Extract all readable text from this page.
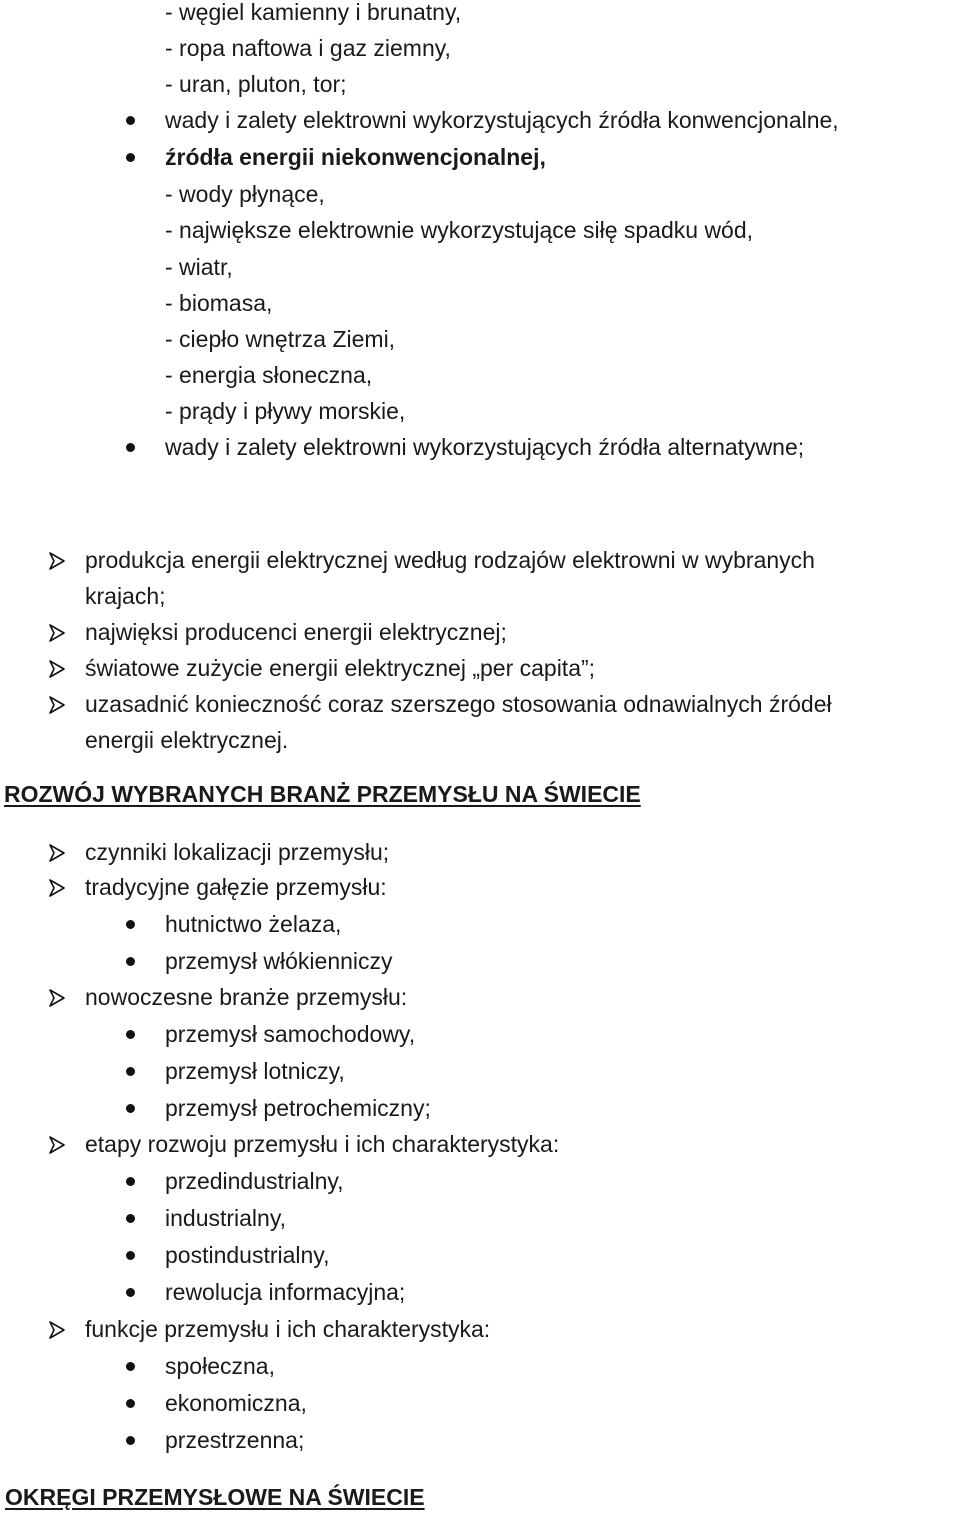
- węgiel kamienny i brunatny,
- ropa naftowa i gaz ziemny,
- uran, pluton, tor;
wady i zalety elektrowni wykorzystujących źródła konwencjonalne,
źródła energii niekonwencjonalnej,
- wody płynące,
- największe elektrownie wykorzystujące siłę spadku wód,
- wiatr,
- biomasa,
- ciepło wnętrza Ziemi,
- energia słoneczna,
- prądy i pływy morskie,
wady i zalety elektrowni wykorzystujących źródła alternatywne;
produkcja energii elektrycznej według rodzajów elektrowni w wybranych
krajach;
najwięksi producenci energii elektrycznej;
światowe zużycie energii elektrycznej „per capita”;
uzasadnić konieczność coraz szerszego stosowania odnawialnych źródeł
energii elektrycznej.
ROZWÓJ WYBRANYCH BRANŻ PRZEMYSŁU NA ŚWIECIE
czynniki lokalizacji przemysłu;
tradycyjne gałęzie przemysłu:
hutnictwo żelaza,
przemysł włókienniczy
nowoczesne branże przemysłu:
przemysł samochodowy,
przemysł lotniczy,
przemysł petrochemiczny;
etapy rozwoju przemysłu i ich charakterystyka:
przedindustrialny,
industrialny,
postindustrialny,
rewolucja informacyjna;
funkcje przemysłu i ich charakterystyka:
społeczna,
ekonomiczna,
przestrzenna;
OKRĘGI PRZEMYSŁOWE NA ŚWIECIE
